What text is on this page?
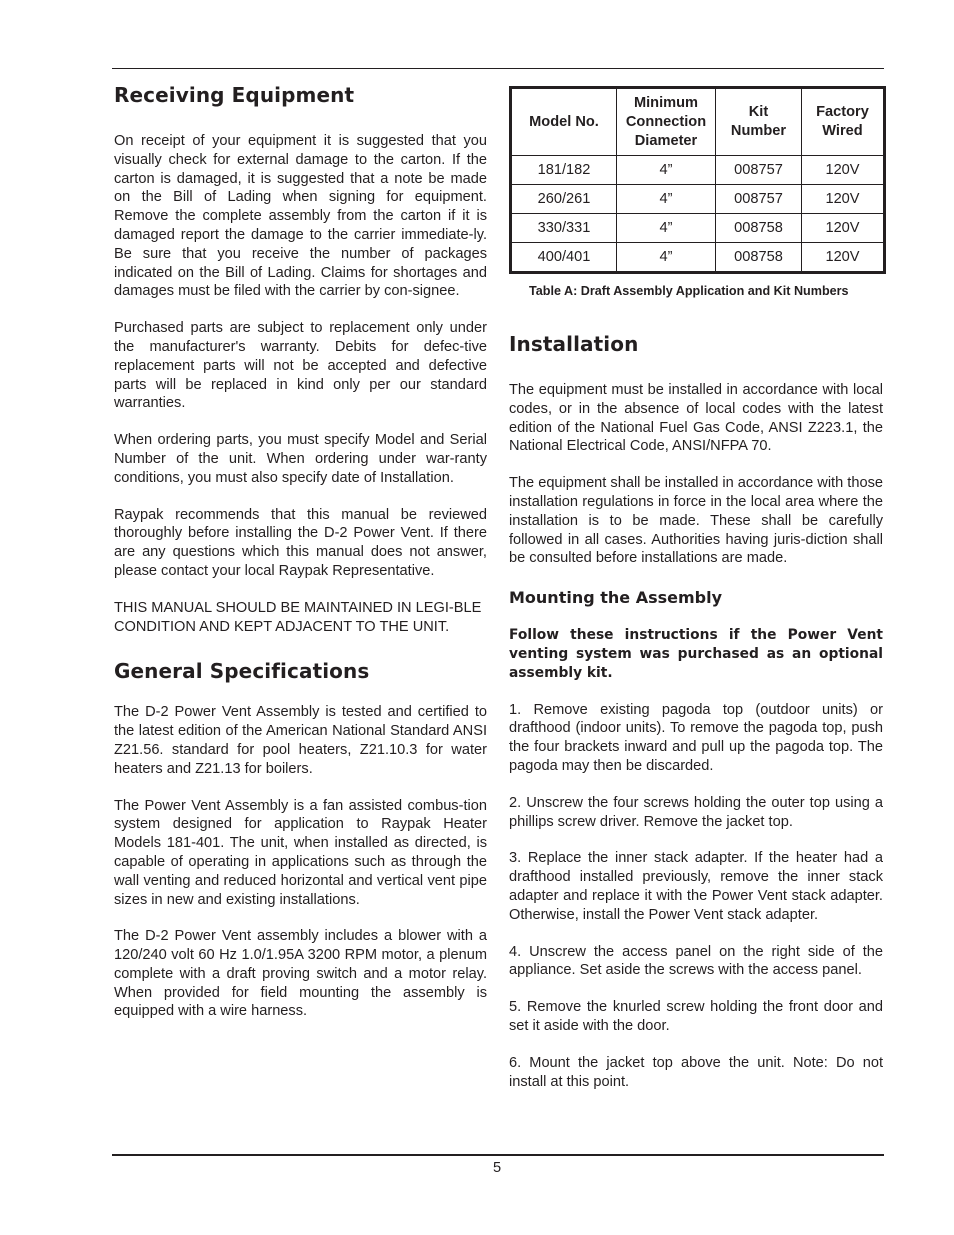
Receiving Equipment

On receipt of your equipment it is suggested that you visually check for external damage to the carton. If the carton is damaged, it is suggested that a note be made on the Bill of Lading when signing for equipment. Remove the complete assembly from the carton if it is damaged report the damage to the carrier immediate-ly. Be sure that you receive the number of packages indicated on the Bill of Lading. Claims for shortages and damages must be filed with the carrier by con-signee.

Purchased parts are subject to replacement only under the manufacturer's warranty. Debits for defec-tive replacement parts will not be accepted and defective parts will be replaced in kind only per our standard warranties.

When ordering parts, you must specify Model and Serial Number of the unit. When ordering under war-ranty conditions, you must also specify date of Installation.

Raypak recommends that this manual be reviewed thoroughly before installing the D-2 Power Vent. If there are any questions which this manual does not answer, please contact your local Raypak Representative.

THIS MANUAL SHOULD BE MAINTAINED IN LEGI-BLE CONDITION AND KEPT ADJACENT TO THE UNIT.

General Specifications

The D-2 Power Vent Assembly is tested and certified to the latest edition of the American National Standard ANSI Z21.56. standard for pool heaters, Z21.10.3 for water heaters and Z21.13 for boilers.

The Power Vent Assembly is a fan assisted combus-tion system designed for application to Raypak Heater Models 181-401. The unit, when installed as directed, is capable of operating in applications such as through the wall venting and reduced horizontal and vertical vent pipe sizes in new and existing installations.

The D-2 Power Vent assembly includes a blower with a 120/240 volt 60 Hz 1.0/1.95A 3200 RPM motor, a plenum complete with a draft proving switch and a motor relay. When provided for field mounting the assembly is equipped with a wire harness.

Model No.	Minimum Connection Diameter	Kit Number	Factory Wired
181/182	4”	008757	120V
260/261	4”	008757	120V
330/331	4”	008758	120V
400/401	4”	008758	120V
Table A: Draft Assembly Application and Kit Numbers
Installation

The equipment must be installed in accordance with local codes, or in the absence of local codes with the latest edition of the National Fuel Gas Code, ANSI Z223.1, the National Electrical Code, ANSI/NFPA 70.

The equipment shall be installed in accordance with those installation regulations in force in the local area where the installation is to be made. These shall be carefully followed in all cases. Authorities having juris-diction shall be consulted before installations are made.

Mounting the Assembly

Follow these instructions if the Power Vent venting system was purchased as an optional assembly kit.

1. Remove existing pagoda top (outdoor units) or drafthood (indoor units). To remove the pagoda top, push the four brackets inward and pull up the pagoda top. The pagoda may then be discarded.

2. Unscrew the four screws holding the outer top using a phillips screw driver. Remove the jacket top.

3. Replace the inner stack adapter. If the heater had a drafthood installed previously, remove the inner stack adapter and replace it with the Power Vent stack adapter. Otherwise, install the Power Vent stack adapter.

4. Unscrew the access panel on the right side of the appliance. Set aside the screws with the access panel.

5. Remove the knurled screw holding the front door and set it aside with the door.

6. Mount the jacket top above the unit. Note: Do not install at this point.

5
